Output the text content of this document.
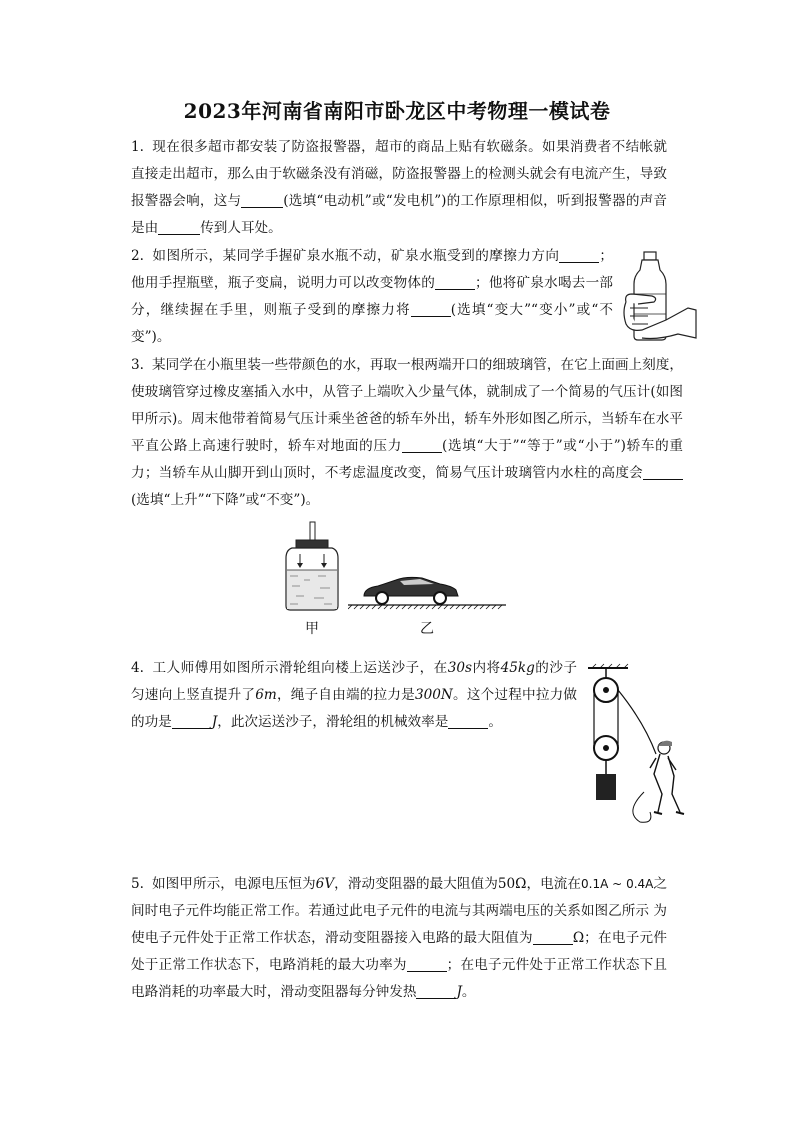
2023年河南省南阳市卧龙区中考物理一模试卷

1. 现在很多超市都安装了防盗报警器，超市的商品上贴有软磁条。如果消费者不结帐就直接走出超市，那么由于软磁条没有消磁，防盗报警器上的检测头就会有电流产生，导致报警器会响，这与	(选填“电动机”或“发电机”)的工作原理相似，听到报警器的声音是由	传到人耳处。

2. 如图所示，某同学手握矿泉水瓶不动，矿泉水瓶受到的摩擦力方向	；他用手捏瓶壁，瓶子变扁，说明力可以改变物体的	；他将矿泉水喝去一部分，继续握在手里，则瓶子受到的摩擦力将	(选填“变大”“变小”或“不变”)。

3. 某同学在小瓶里装一些带颜色的水，再取一根两端开口的细玻璃管，在它上面画上刻度，使玻璃管穿过橡皮塞插入水中，从管子上端吹入少量气体，就制成了一个简易的气压计(如图甲所示)。周末他带着简易气压计乘坐爸爸的轿车外出，轿车外形如图乙所示，当轿车在水平平直公路上高速行驶时，轿车对地面的压力	(选填“大于”“等于”或“小于”)轿车的重力；当轿车从山脚开到山顶时，不考虑温度改变，简易气压计玻璃管内水柱的高度会(选填“上升”“下降”或“不变”)。

甲	乙

4. 工人师傅用如图所示滑轮组向楼上运送沙子，在30s内将45kg的沙子匀速向上竖直提升了6m，绳子自由端的拉力是300N。这个过程中拉力做的功是	J，此次运送沙子，滑轮组的机械效率是	。

5. 如图甲所示，电源电压恒为6V，滑动变阻器的最大阻值为50Ω，电流在0.1A ~ 0.4A之间时电子元件均能正常工作。若通过此电子元件的电流与其两端电压的关系如图乙所示 为使电子元件处于正常工作状态，滑动变阻器接入电路的最大阻值为	Ω；在电子元件处于正常工作状态下，电路消耗的最大功率为	；在电子元件处于正常工作状态下且电路消耗的功率最大时，滑动变阻器每分钟发热	J。
